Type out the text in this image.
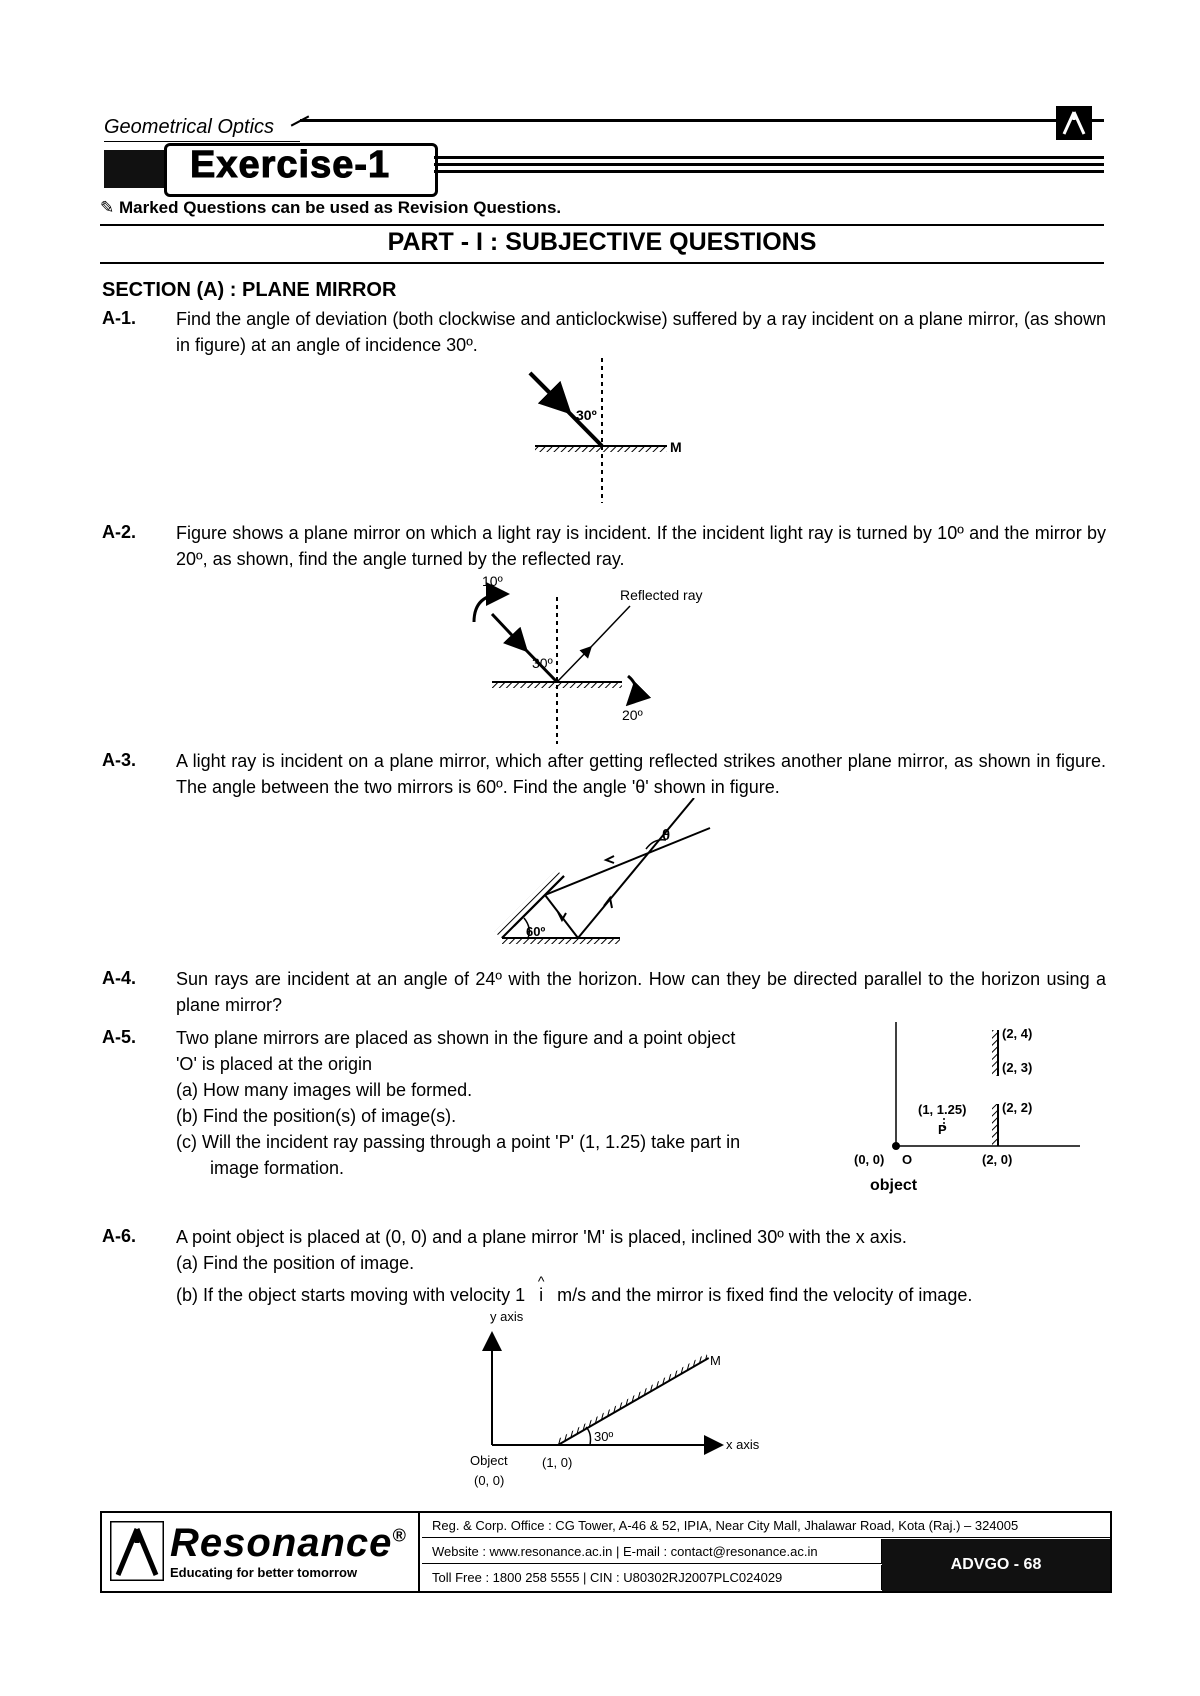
Geometrical Optics
Exercise-1
✎ Marked Questions can be used as Revision Questions.
PART - I : SUBJECTIVE QUESTIONS
SECTION (A) : PLANE MIRROR
A-1. Find the angle of deviation (both clockwise and anticlockwise) suffered by a ray incident on a plane mirror, (as shown in figure) at an angle of incidence 30º.
30º
M
A-2. Figure shows a plane mirror on which a light ray is incident. If the incident light ray is turned by 10º and the mirror by 20º, as shown, find the angle turned by the reflected ray.
10º
Reflected ray
30º
20º
A-3. A light ray is incident on a plane mirror, which after getting reflected strikes another plane mirror, as shown in figure. The angle between the two mirrors is 60º. Find the angle 'θ' shown in figure.
θ
60º
A-4. Sun rays are incident at an angle of 24º with the horizon. How can they be directed parallel to the horizon using a plane mirror?
A-5. Two plane mirrors are placed as shown in the figure and a point object
'O' is placed at the origin
(a) How many images will be formed.
(b) Find the position(s) of image(s).
(c) Will the incident ray passing through a point 'P' (1, 1.25) take part in
image formation.
(2, 4)
(2, 3)
(2, 2)
(1, 1.25)
P
(0, 0) O	(2, 0)
object
A-6. A point object is placed at (0, 0) and a plane mirror 'M' is placed, inclined 30º with the x axis.
(a) Find the position of image.
(b) If the object starts moving with velocity 1
^
i m/s and the mirror is fixed find the velocity of image.
y axis
x axis
M
30º
(1, 0)
Object
(0, 0)
Resonance®
Educating for better tomorrow
Reg. & Corp. Office : CG Tower, A-46 & 52, IPIA, Near City Mall, Jhalawar Road, Kota (Raj.) – 324005
Website : www.resonance.ac.in | E-mail : contact@resonance.ac.in
Toll Free : 1800 258 5555 | CIN : U80302RJ2007PLC024029
ADVGO - 68
